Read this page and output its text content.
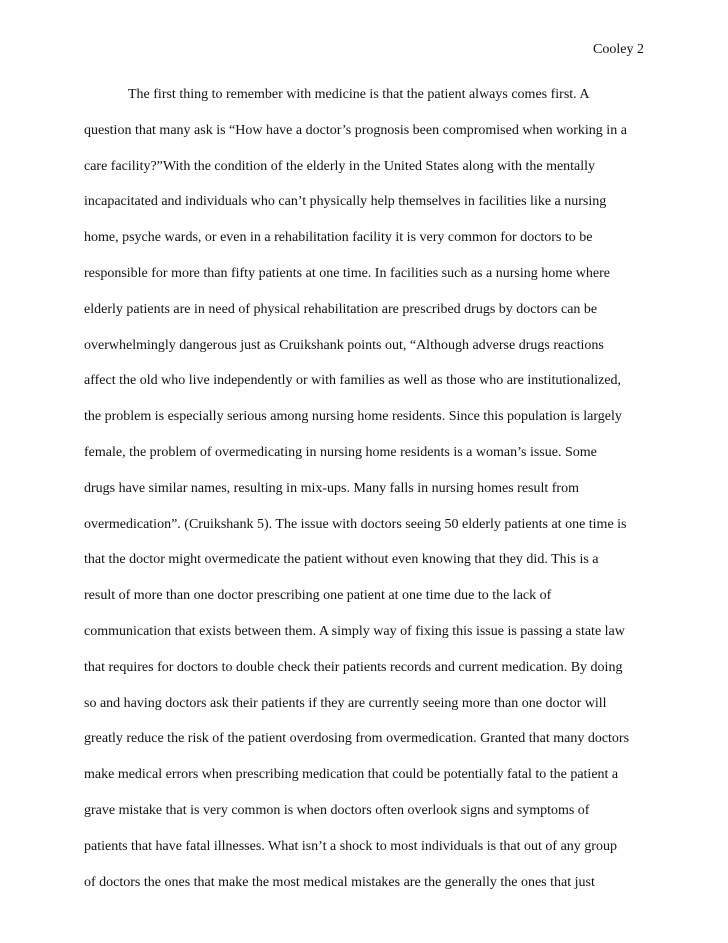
Cooley 2
The first thing to remember with medicine is that the patient always comes first. A
question that many ask is “How have a doctor’s prognosis been compromised when working in a
care facility?”With the condition of the elderly in the United States along with the mentally
incapacitated and individuals who can’t physically help themselves in facilities like a nursing
home, psyche wards, or even in a rehabilitation facility it is very common for doctors to be
responsible for more than fifty patients at one time. In facilities such as a nursing home where
elderly patients are in need of physical rehabilitation are prescribed drugs by doctors can be
overwhelmingly dangerous just as Cruikshank points out, “Although adverse drugs reactions
affect the old who live independently or with families as well as those who are institutionalized,
the problem is especially serious among nursing home residents. Since this population is largely
female, the problem of overmedicating in nursing home residents is a woman’s issue. Some
drugs have similar names, resulting in mix-ups. Many falls in nursing homes result from
overmedication”. (Cruikshank 5). The issue with doctors seeing 50 elderly patients at one time is
that the doctor might overmedicate the patient without even knowing that they did. This is a
result of more than one doctor prescribing one patient at one time due to the lack of
communication that exists between them. A simply way of fixing this issue is passing a state law
that requires for doctors to double check their patients records and current medication. By doing
so and having doctors ask their patients if they are currently seeing more than one doctor will
greatly reduce the risk of the patient overdosing from overmedication. Granted that many doctors
make medical errors when prescribing medication that could be potentially fatal to the patient a
grave mistake that is very common is when doctors often overlook signs and symptoms of
patients that have fatal illnesses. What isn’t a shock to most individuals is that out of any group
of doctors the ones that make the most medical mistakes are the generally the ones that just
